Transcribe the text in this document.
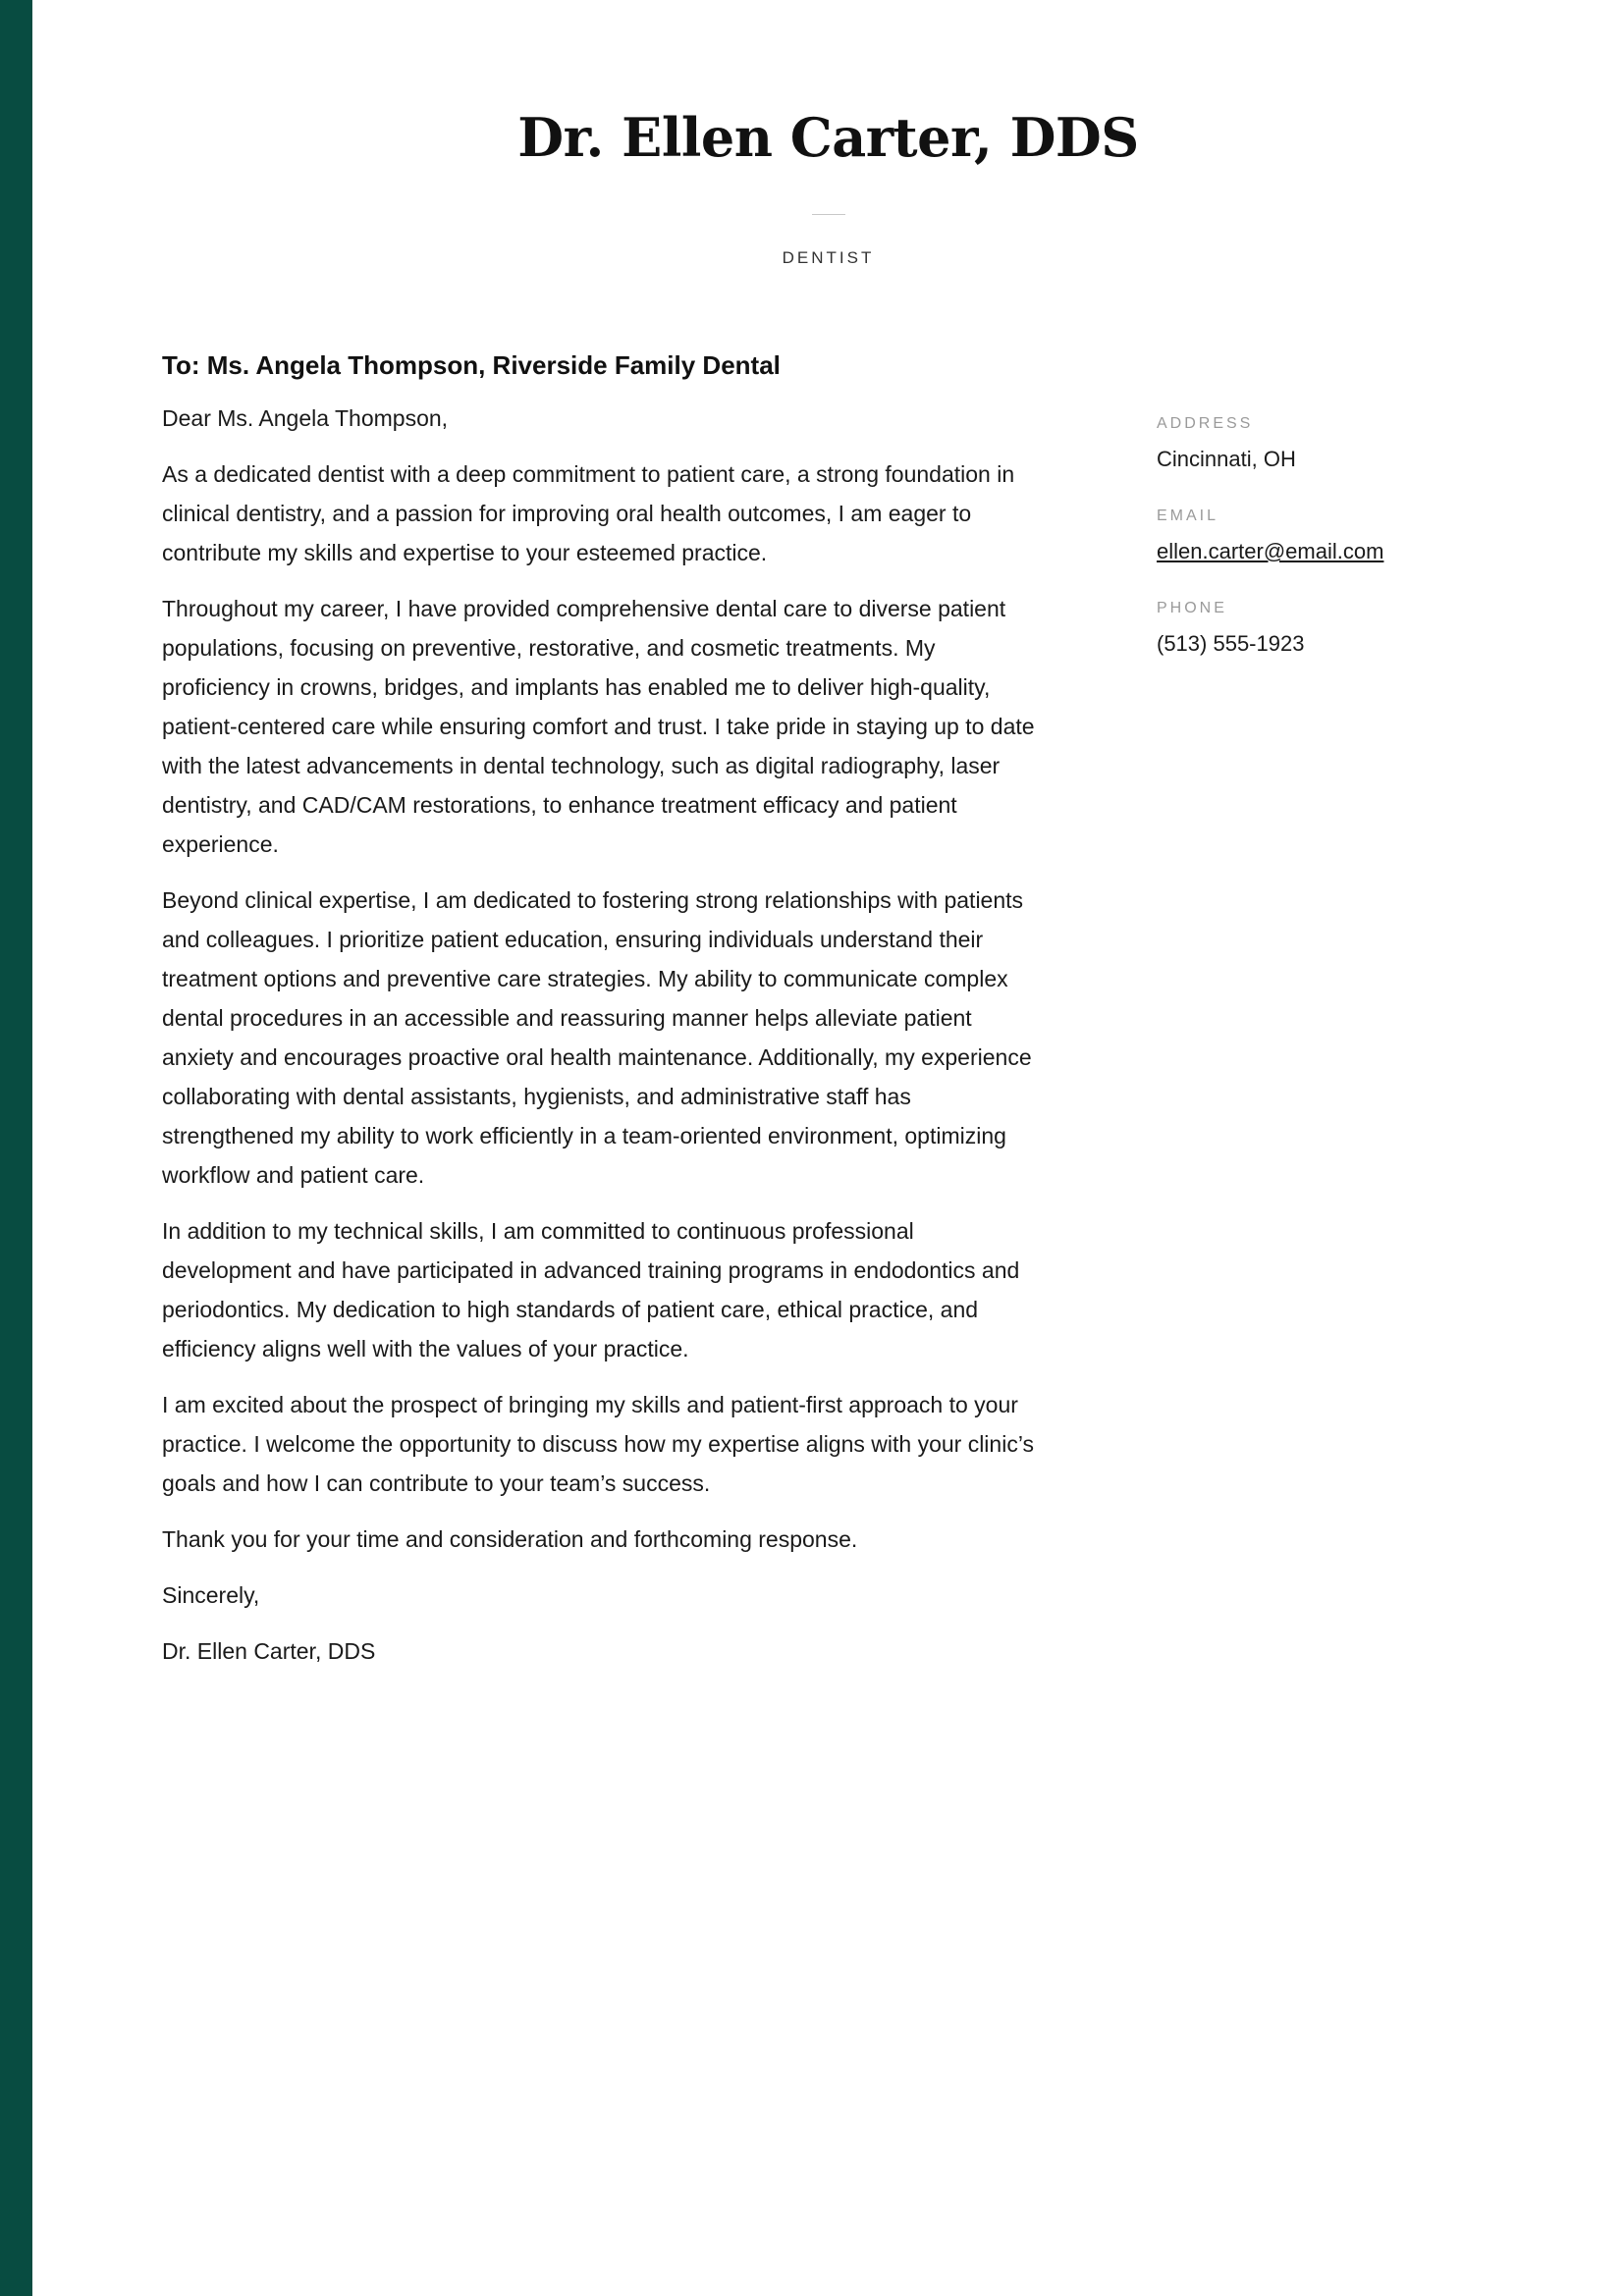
Dr. Ellen Carter, DDS
DENTIST
To: Ms. Angela Thompson, Riverside Family Dental

Dear Ms. Angela Thompson,

As a dedicated dentist with a deep commitment to patient care, a strong foundation in clinical dentistry, and a passion for improving oral health outcomes, I am eager to contribute my skills and expertise to your esteemed practice.

Throughout my career, I have provided comprehensive dental care to diverse patient populations, focusing on preventive, restorative, and cosmetic treatments. My proficiency in crowns, bridges, and implants has enabled me to deliver high-quality, patient-centered care while ensuring comfort and trust. I take pride in staying up to date with the latest advancements in dental technology, such as digital radiography, laser dentistry, and CAD/CAM restorations, to enhance treatment efficacy and patient experience.

Beyond clinical expertise, I am dedicated to fostering strong relationships with patients and colleagues. I prioritize patient education, ensuring individuals understand their treatment options and preventive care strategies. My ability to communicate complex dental procedures in an accessible and reassuring manner helps alleviate patient anxiety and encourages proactive oral health maintenance. Additionally, my experience collaborating with dental assistants, hygienists, and administrative staff has strengthened my ability to work efficiently in a team-oriented environment, optimizing workflow and patient care.

In addition to my technical skills, I am committed to continuous professional development and have participated in advanced training programs in endodontics and periodontics. My dedication to high standards of patient care, ethical practice, and efficiency aligns well with the values of your practice.

I am excited about the prospect of bringing my skills and patient-first approach to your practice. I welcome the opportunity to discuss how my expertise aligns with your clinic’s goals and how I can contribute to your team’s success.

Thank you for your time and consideration and forthcoming response.

Sincerely,

Dr. Ellen Carter, DDS

ADDRESS
Cincinnati, OH
EMAIL
ellen.carter@email.com
PHONE
(513) 555-1923
